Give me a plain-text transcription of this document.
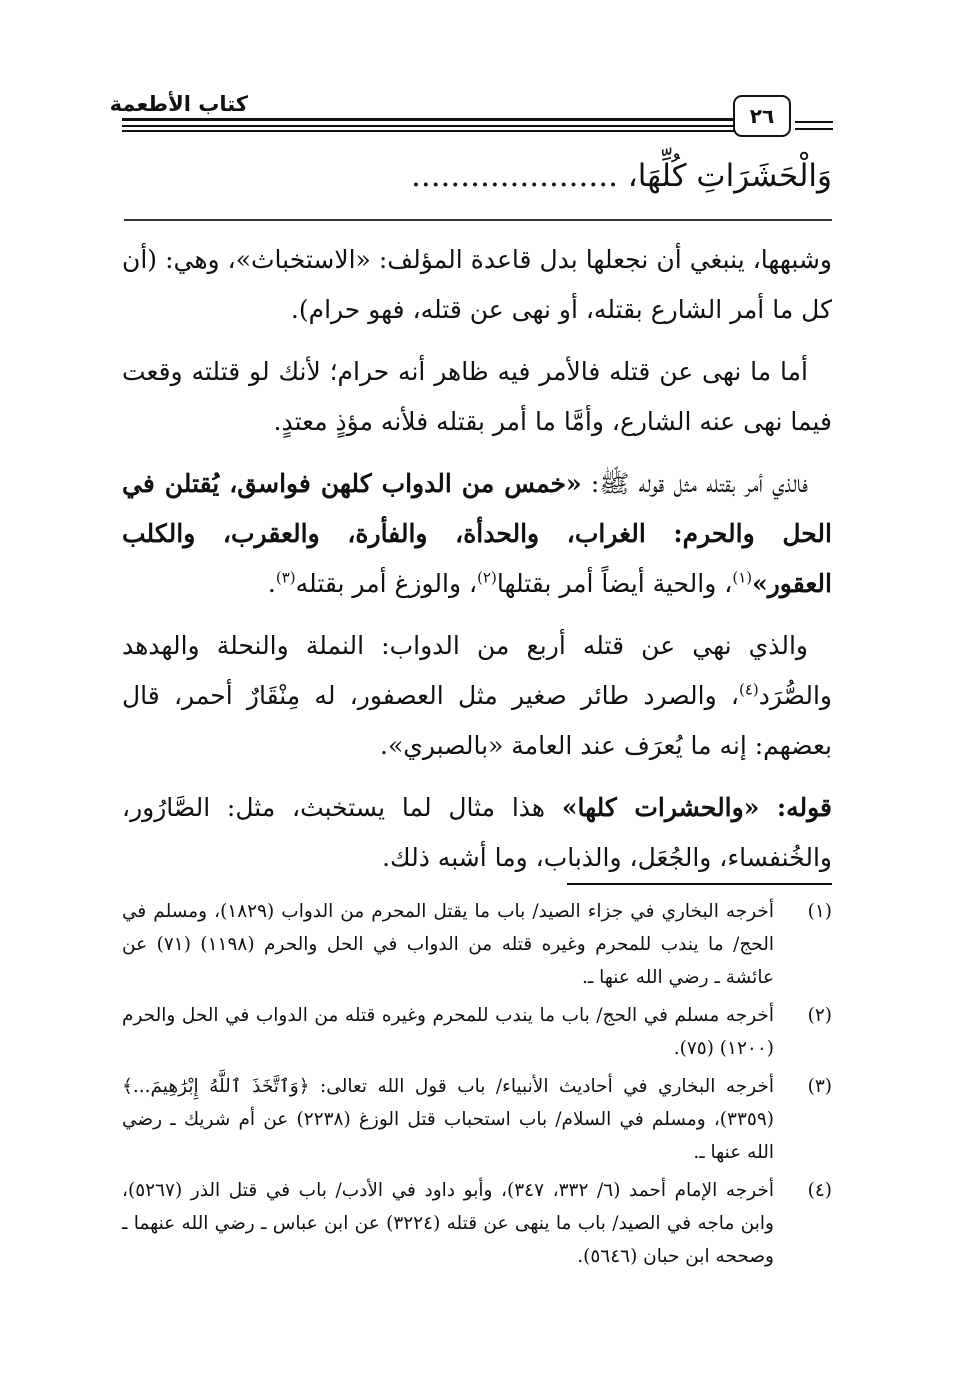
كتاب الأطعمة	٢٦
وَالْحَشَرَاتِ كُلِّهَا، .....................

وشبهها، ينبغي أن نجعلها بدل قاعدة المؤلف: «الاستخباث»، وهي: (أن كل ما أمر الشارع بقتله، أو نهى عن قتله، فهو حرام).

أما ما نهى عن قتله فالأمر فيه ظاهر أنه حرام؛ لأنك لو قتلته وقعت فيما نهى عنه الشارع، وأمَّا ما أمر بقتله فلأنه مؤذٍ معتدٍ.

فالذي أمر بقتله مثل قوله ﷺ: «خمس من الدواب كلهن فواسق، يُقتلن في الحل والحرم: الغراب، والحدأة، والفأرة، والعقرب، والكلب العقور»$^{(١)}$، والحية أيضاً أمر بقتلها$^{(٢)}$، والوزغ أمر بقتله$^{(٣)}$.

والذي نهي عن قتله أربع من الدواب: النملة والنحلة والهدهد والصُّرَد$^{(٤)}$، والصرد طائر صغير مثل العصفور، له مِنْقَارٌ أحمر، قال بعضهم: إنه ما يُعرَف عند العامة «بالصبري».

قوله: «والحشرات كلها» هذا مثال لما يستخبث، مثل: الصَّارُور، والخُنفساء، والجُعَل، والذباب، وما أشبه ذلك.

(١)
أخرجه البخاري في جزاء الصيد/ باب ما يقتل المحرم من الدواب (١٨٢٩)، ومسلم في الحج/ ما يندب للمحرم وغيره قتله من الدواب في الحل والحرم (١١٩٨) (٧١) عن عائشة ـ رضي الله عنها ـ.
(٢)
أخرجه مسلم في الحج/ باب ما يندب للمحرم وغيره قتله من الدواب في الحل والحرم (١٢٠٠) (٧٥).
(٣)
أخرجه البخاري في أحاديث الأنبياء/ باب قول الله تعالى: ﴿وَٱتَّخَذَ ٱللَّهُ إِبْرَٰهِيمَ...﴾ (٣٣٥٩)، ومسلم في السلام/ باب استحباب قتل الوزغ (٢٢٣٨) عن أم شريك ـ رضي الله عنها ـ.
(٤)
أخرجه الإمام أحمد (٦/ ٣٣٢، ٣٤٧)، وأبو داود في الأدب/ باب في قتل الذر (٥٢٦٧)، وابن ماجه في الصيد/ باب ما ينهى عن قتله (٣٢٢٤) عن ابن عباس ـ رضي الله عنهما ـ وصححه ابن حبان (٥٦٤٦).
